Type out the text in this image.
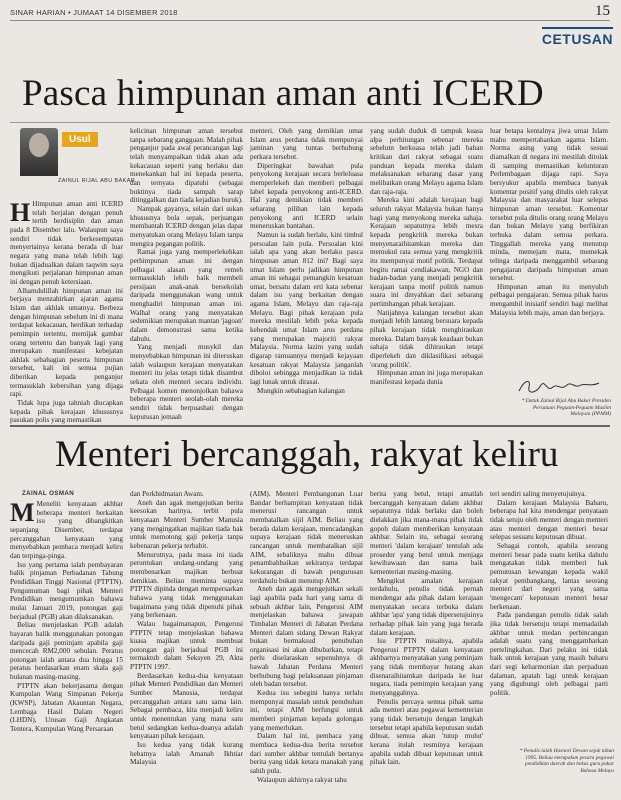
SINAR HARIAN • JUMAAT 14 DISEMBER 2018	15
CETUSAN
Pasca himpunan aman anti ICERD
Usul
ZAINUL RIJAL ABU BAKAR
H Himpunan aman anti ICERD telah berjalan dengan penuh tertib berdisiplin dan aman pada 8 Disember lalu. Walaupun saya sendiri tidak berkesempatan menyertainya kerana berada di luar negara yang mana telah lebih lagi bukan dijadualkan dalam taqwim saya mengikuti perjalanan himpunan aman ini dengan penuh ketersiaan.

Alhamdulillah himpunan aman ini berjaya menzahirkan ajaran agama Islam dan akhlak umatnya. Berbeza dengan himpunan sebelum ini di mana terdapat kekacauan, herdikan terhadap pemimpin tertentu, memijak gambar orang tertentu dan banyak lagi yang merupakan manifestasi kebejatan akhlak sebahagian peserta himpunan tersebut, kali ini semua pujian diberikan kepada penganjur termasuklah kebersihan yang dijaga rapi.

Tidak lupa juga tahniah diucapkan kepada pihak kerajaan khususnya pasukan polis yang memastikan

kelicinan himpunan aman tersebut tanpa sebarang gangguan. Malah pihak penganjur pada awal perancangan lagi telah menyampaikan tidak akan ada kekacauan seperti yang berlaku dan menekankan hal ini kepada peserta, dan ternyata dipatuhi (sebagai buktinya tiada sampah sarap ditinggalkan dan tiada kejadian buruk).

Nampak gayanya, selain dari sukan khususnya bola sepak, perjuangan membantah ICERD dengan jelas dapat menyatukan orang Melayu Islam tanpa mengira pegangan politik.

Ramai juga yang memperlekehkan perhimpunan aman ini dengan pelbagai alasan yang remeh termasuklah lebih baik membeli persijaan anak-anak bersekolah daripada menggunakan wang untuk menghadiri himpunan aman ini. Walhal orang yang menyatakan sedemikian merupakan mantan 'jagoan' dalam demonstrasi sama ketika dahulu.

Yang menjadi musykil dan menyebabkan himpunan ini diteruskan ialah walaupun kerajaan menyatakan menteri itu jelas tetapi tidak disambut sekata oleh menteri secara individu. Pelbagai komen menonjolkan bahawa beberapa menteri seolah-olah mereka sendiri tidak berpuashati dengan keputusan jemaah

menteri. Oleh yang demikian umat Islam arus perdana tidak mempunyai jaminan yang tuntas berhubung perkara tersebut.

Diperingkat bawahan pula penyokong kerajaan secara berleluasa memperlekeh dan memberi pelbagai label kepada penyokong anti-ICERD. Hal yang demikian tidak memberi sebarang pilihan lain kepada penyokong anti ICERD selain meneruskan bantahan.

Namun ia sudah berlalu, kini timbul persoalan lain pula. Persoalan kini ialah apa yang akan berlaku pasca himpunan aman 812 ini? Bagi saya umat Islam perlu jadikan himpunan aman ini sebagai pemangkin kesatuan umat, bersatu dalam erti kata sebenar dalam isu yang berkaitan dengan agama Islam, Melayu dan raja-raja Melayu. Bagi pihak kerajaan pula mereka mestilah lebih peka kepada kehendak umat Islam arus perdana yang merupakan majoriti rakyat Malaysia. Norma lazim yang sudah digarap ramuannya menjadi kejayaan kesatuan rakyat Malaysia janganlah diboloi sebingga menjadikan ia tidak lagi lunak untuk dirasai.

Mungkin sebahagian kalangan

yang sudah duduk di tampuk kuasa alpa perhitungan sebenar mereka sebelum berkuasa telah jadi bahan kritikan dari rakyat sebagai suatu panduan kepada mereka dalam melaksanakan sebarang dasar yang melibatkan orang Melayu agama Islam dan raja-raja.

Mereka kini adalah kerajaan bagi seluruh rakyat Malaysia bukan hanya bagi yang menyokong mereka sahaja. Kerajaan sepatutnya lebih mesra kepada pengkritik mereka bukan menyenaraihitamkan mereka dan memukul rata semua yang mengkritik itu mempunyai motif politik. Terdapat begitu ramai cendiakawan, NGO dan badan-badan yang menjadi pengkritik kerajaan tanpa motif politik namun suara ini dinyahkan dari sebarang pertimbangan pihak kerajaan.

Natijahnya kalangan tersebut akan menjadi lebih lantang bersuara kepada pihak kerajaan tidak menghiraukan mereka. Dalam banyak keadaan bukan sahaja tidak dihiraukan tetapi diperlekeh dan diklasifikasi sebagai 'orang politik'.

Himpunan aman ini juga merupakan manifestasi kepada dunia

luar betapa kentalnya jiwa umat Islam mahu mempertahankan agama Islam. Norma asing yang tidak sesuai diamalkan di negara ini mestilah ditolak di samping memastikan kelunturan Perlembagaan dijaga rapi. Saya bersyukur apabila membaca banyak komentar positif yang ditulis oleh rakyat Malaysia dan masyarakat luar selepas himpunan aman tersebut. Komentar tersebut pula ditulis orang orang Melayu dan bukan Melayu yang berfikiran terbuka dalam semua perkara. Tinggallah mereka yang menutup minda, memejam mata, memekak telinga daripada menggambil sebarang pengajaran daripada himpunan aman tersebut.

Himpunan aman itu menyuluh pelbagai pengajaran. Semua pihak harus mengambil inisiatif sendiri bagi melihat Malaysia lebih maju, aman dan berjaya.

* Datuk Zainul Rijal Abu Bakar Presiden Persatuan Peguam-Peguam Muslim Malaysia (PPMM)
Menteri bercanggah, rakyat keliru
ZAINAL OSMAN
M Meneliti kenyataan akhbar beberapa menteri berkaitan isu yang dibangkitkan sepanjang Disember, terdapat percanggahan kenyataan yang menyebabkan pembaca menjadi keliru dan terpinga-pinga.

Isu yang pertama ialah pembayaran balik pinjaman Perbadanan Tabung Pendidikan Tinggi Nasional (PTPTN). Pengumuman bagi pihak Menteri Pendidikan mengumumkan bahawa mulai Januari 2019, potongan gaji berjadual (PGB) akan dilaksanakan.

Beliau menjelaskan PGB adalah bayaran balik menggunakan potongan daripada gaji peminjam apabila gaji mencecah RM2,000 sebulan. Peratus potongan ialah antara dua hingga 15 peratus berdasarkan enam skala gaji bulanan masing-masing.

PTPTN akan bekerjasama dengan Kumpulan Wang Simpanan Pekerja (KWSP), Jabatan Akauntan Negara, Lembaga Hasil Dalam Negeri (LHDN), Urusan Gaji Angkatan Tentera, Kumpulan Wang Persaraan

dan Perkhidmatan Awam.

Aneh dan agak mengejutkan berita keesokan harinya, terbit pula kenyataan Menteri Sumber Manusia yang mengingatkan majikan tiada hak untuk memotong gaji pekerja tanpa kebenaran pekerja terbabit.

Menurutnya, pada masa ini tiada peruntukan undang-undang yang membenarkan majikan berbuat demikian. Beliau meminta supaya PTPTN dipinda dengan mempersarkan bahawa yang tidak menggunakan bagaimana yang tidak dipenuhi pihak yang berkenaan.

Walau bagaimanapun, Pengerusi PTPTN tetap menjelaskan bahawa kuasa majikan untuk membuat potongan gaji berjadual PGB ini termaktub dalam Seksyen 29, Akta PTPTN 1997.

Berdasarkan kedua-dua kenyataan pihak Menteri Pendidikan dan Menteri Sumber Manusia, terdapat percanggahan antara satu sama lain. Sebagai pembaca, kita menjadi keliru untuk menentukan yang mana satu betul sedangkan kedua-duanya adalah kenyataan pihak kerajaan.

Isu kedua yang tidak kurang hebatnya ialah Amanah Ikhtiar Malaysia

(AIM). Menteri Pembangunan Luar Bandar berhampiran kenyataan tidak menerusi rancangan untuk membatalkan sijil AIM. Beliau yang berada dalam kerajaan, mencadangkan supaya kerajaan tidak meneruskan rancangan untuk membatalkan sijil AIM, sebaliknya mahu dibuat penambahbaikan sekiranya terdapat kekurangan di bawah pengurusan terdahulu bukan menutup AIM.

Aneh dan agak mengejutkan sekali lagi apabila pada hari yang sama di sebuah akhbar lain, Pengerusi AIM menjelaskan bahawa jawapan Timbalan Menteri di Jabatan Perdana Menteri dalam sidang Dewan Rakyat bukan bermaksud penubuhan organisasi ini akan dibubarkan, tetapi perlu diselaraskan sepenuhnya di bawah Jabatan Perdana Menteri berhubung bagi pelaksanaan pinjaman oleh badan tersebut.

Kedua isu sebegini hanya terlalu mempunyai masalah untuk penubuhan ini, tetapi AIM berfungsi untuk memberi pinjaman kepada golongan yang memerlukan.

Dalam hal ini, pembaca yang membaca kedua-dua berita tersebut dari sumber akhbar tentulah bertanya berita yang tidak ketara manakah yang sahih pula.

Walaupun akhirnya rakyat tahu

berita yang betul, tetapi amatlah bercanggah kenyataan dalam akhbar sepatutnya tidak berlaku dan boleh dielakkan jika mana-mana pihak tidak gopoh dalam memberikan kenyataan akhbar. Selain itu, sebagai seorang menteri 'dalam kerajaan' tentulah ada prosedur yang betul untuk menjaga kewibawaan dan nama baik kementerian masing-masing.

Mengikut amalan kerajaan terdahulu, penulis tidak pernah mendengar ada pihak dalam kerajaan menyatakan secara terbuka dalam akhbar 'apa' yang tidak dipersetujuinya terhadap pihak lain yang juga berada dalam kerajaan.

Isu PTPTN misalnya, apabila Pengerusi PTPTN dalam kenyataan akhbarnya menyatakan yang peminjam yang tidak membayar hutang akan disenaraihitamkan daripada ke luar negara, tiada pemimpin kerajaan yang menyanggahnya.

Penulis percaya semua pihak sama ada menteri atau pegawai kementerian yang tidak bersetuju dengan langkah tersebut tetapi apabila keputusan sudah dibuat, semua akan 'tutup mulut' kerana itulah resminya kerajaan apabila sudah dibuat keputusan untuk pihak lain.

teri sendiri saling menyetujuinya.

Dalam kerajaan Malaysia Baharu, beberapa hal kita mendengar penyataan tidak setuju oleh menteri dengan menteri atau menteri dengan menteri besar selepas sesuatu keputusan dibuat.

Sebagai contoh, apabila seorang menteri besar pada suatu ketika dahulu mengatakan tidak memberi hak pemutusan kewangan kepada wakil rakyat pembangkang, lantas seorang menteri dari negeri yang sama 'mengecam' keputusan menteri besar berkenaan.

Pada pandangan penulis tidak salah jika tidak bersetuju tetapi memadailah akhbar untuk medan perbincangan adalah suatu yang menggambarkan pertelingkahan. Dari pelaku ini tidak baik untuk kerajaan yang masih baharu dari segi keharmonian dan perpaduan dalaman, apatah lagi untuk kerajaan yang digubungi oleh pelbagai parti politik.

* Penulis ialah Hasnori Dewan sejak tahun 1995. Beliau merupakan pesara pegawai pendidikan daerah dan bekas guru pakar Bahasa Melayu
